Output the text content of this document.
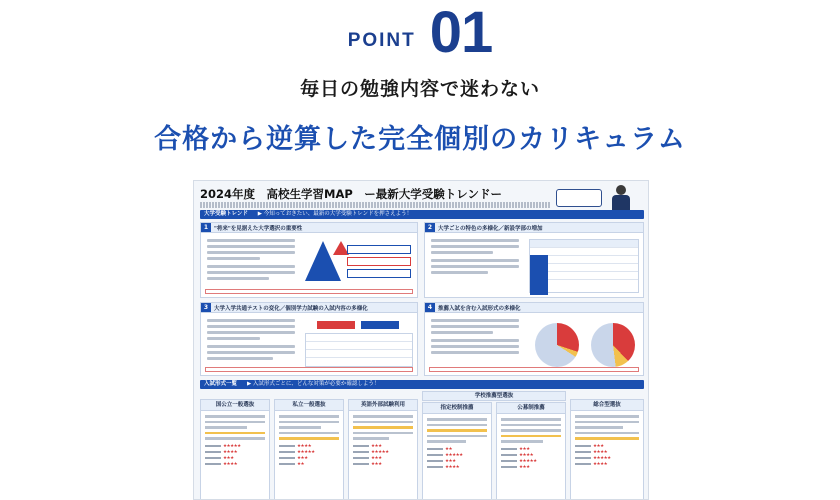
POINT 01
毎日の勉強内容で迷わない
合格から逆算した完全個別のカリキュラム
2024年度　高校生学習MAP　ー最新大学受験トレンドー
大学受験トレンド ▶ 今知っておきたい、最新の大学受験トレンドを押さえよう！
1	"将来"を見据えた大学選択の重要性	2	大学ごとの特色の多様化／新設学部の増加
3	大学入学共通テストの変化／個別学力試験の入試内容の多様化	4	推薦入試を含む入試形式の多様化
入試形式一覧 ▶ 入試形式ごとに、どんな対策が必要か確認しよう！
国公立一般選抜
★★★★★
★★★★
★★★
★★★★
私立一般選抜
★★★★
★★★★★
★★★
★★
英語外部試験利用
★★★
★★★★★
★★★
★★★
学校推薦型選抜
指定校制推薦
★★
★★★★★
★★★
★★★★
公募制推薦
★★★
★★★★
★★★★★
★★★
総合型選抜
★★★
★★★★
★★★★★
★★★★
